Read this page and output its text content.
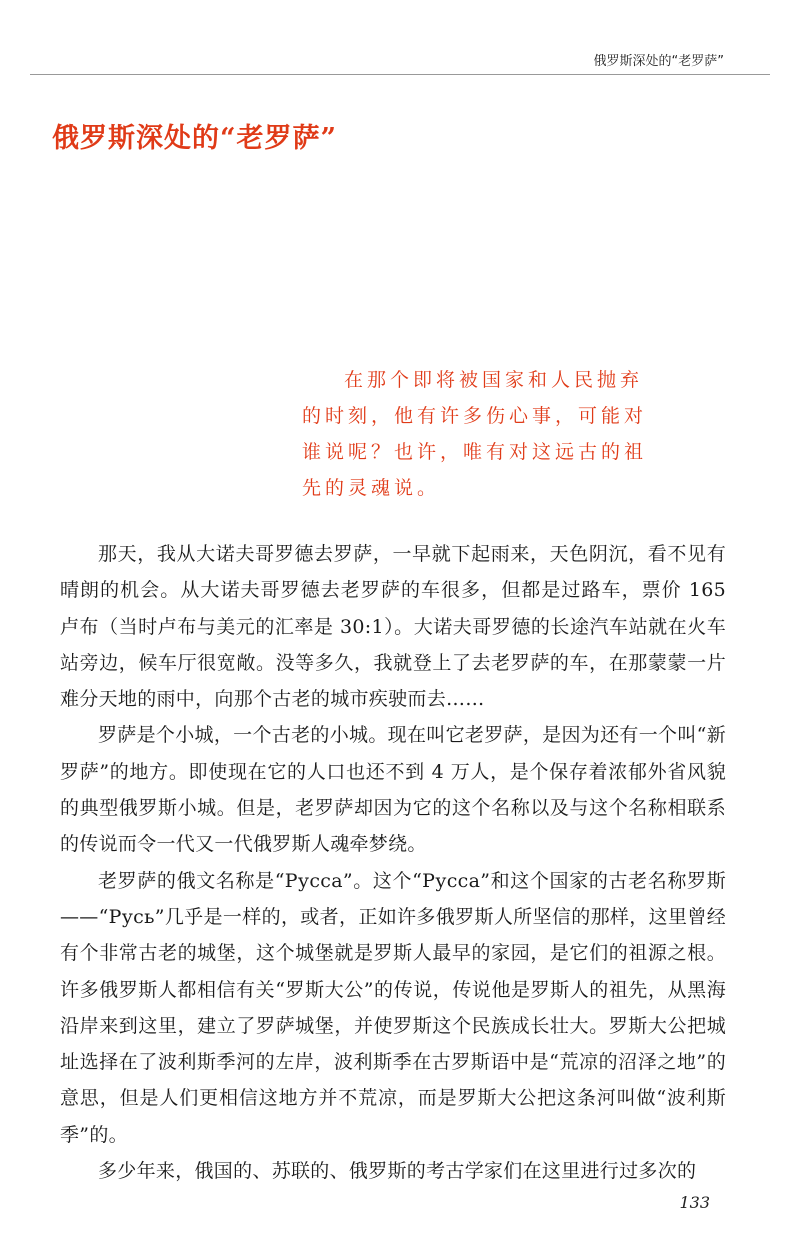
俄罗斯深处的“老罗萨”
俄罗斯深处的“老罗萨”

在那个即将被国家和人民抛弃的时刻，他有许多伤心事，可能对谁说呢？也许，唯有对这远古的祖先的灵魂说。

那天，我从大诺夫哥罗德去罗萨，一早就下起雨来，天色阴沉，看不见有晴朗的机会。从大诺夫哥罗德去老罗萨的车很多，但都是过路车，票价 165 卢布（当时卢布与美元的汇率是 30:1）。大诺夫哥罗德的长途汽车站就在火车站旁边，候车厅很宽敞。没等多久，我就登上了去老罗萨的车，在那蒙蒙一片难分天地的雨中，向那个古老的城市疾驶而去……

罗萨是个小城，一个古老的小城。现在叫它老罗萨，是因为还有一个叫“新罗萨”的地方。即使现在它的人口也还不到 4 万人，是个保存着浓郁外省风貌的典型俄罗斯小城。但是，老罗萨却因为它的这个名称以及与这个名称相联系的传说而令一代又一代俄罗斯人魂牵梦绕。

老罗萨的俄文名称是“Русса”。这个“Русса”和这个国家的古老名称罗斯——“Русь”几乎是一样的，或者，正如许多俄罗斯人所坚信的那样，这里曾经有个非常古老的城堡，这个城堡就是罗斯人最早的家园，是它们的祖源之根。许多俄罗斯人都相信有关“罗斯大公”的传说，传说他是罗斯人的祖先，从黑海沿岸来到这里，建立了罗萨城堡，并使罗斯这个民族成长壮大。罗斯大公把城址选择在了波利斯季河的左岸，波利斯季在古罗斯语中是“荒凉的沼泽之地”的意思，但是人们更相信这地方并不荒凉，而是罗斯大公把这条河叫做“波利斯季”的。

多少年来，俄国的、苏联的、俄罗斯的考古学家们在这里进行过多次的

133
